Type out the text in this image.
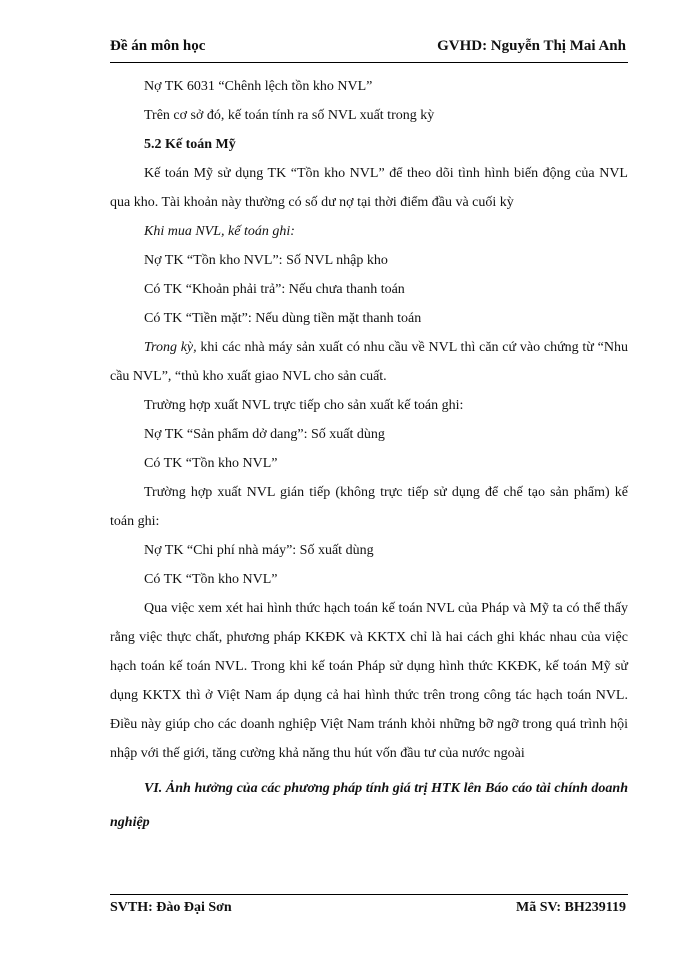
Đề án môn học	GVHD: Nguyễn Thị Mai Anh

Nợ TK 6031 “Chênh lệch tồn kho NVL”

Trên cơ sở đó, kế toán tính ra số NVL xuất trong kỳ

5.2 Kế toán Mỹ

Kế toán Mỹ sử dụng TK “Tồn kho NVL” để theo dõi tình hình biến động của NVL qua kho. Tài khoản này thường có số dư nợ tại thời điểm đầu và cuối kỳ

Khi mua NVL, kế toán ghi:

Nợ TK “Tồn kho NVL”: Số NVL nhập kho

Có TK “Khoản phải trả”: Nếu chưa thanh toán

Có TK “Tiền mặt”: Nếu dùng tiền mặt thanh toán

Trong kỳ, khi các nhà máy sản xuất có nhu cầu về NVL thì căn cứ vào chứng từ “Nhu cầu NVL”, “thủ kho xuất giao NVL cho sản cuất.

Trường hợp xuất NVL trực tiếp cho sản xuất kế toán ghi:

Nợ TK “Sản phẩm dở dang”: Số xuất dùng

Có TK “Tồn kho NVL”

Trường hợp xuất NVL gián tiếp (không trực tiếp sử dụng để chế tạo sản phẩm) kế toán ghi:

Nợ TK “Chi phí nhà máy”: Số xuất dùng

Có TK “Tồn kho NVL”

Qua việc xem xét hai hình thức hạch toán kế toán NVL của Pháp và Mỹ ta có thể thấy rằng việc thực chất, phương pháp KKĐK và KKTX chỉ là hai cách ghi khác nhau của việc hạch toán kế toán NVL. Trong khi kế toán Pháp sử dụng hình thức KKĐK, kế toán Mỹ sử dụng KKTX thì ở Việt Nam áp dụng cả hai hình thức trên trong công tác hạch toán NVL. Điều này giúp cho các doanh nghiệp Việt Nam tránh khỏi những bỡ ngỡ trong quá trình hội nhập với thế giới, tăng cường khả năng thu hút vốn đầu tư của nước ngoài

VI. Ảnh hưởng của các phương pháp tính giá trị HTK lên Báo cáo tài chính doanh nghiệp

SVTH: Đào Đại Sơn	Mã SV: BH239119
